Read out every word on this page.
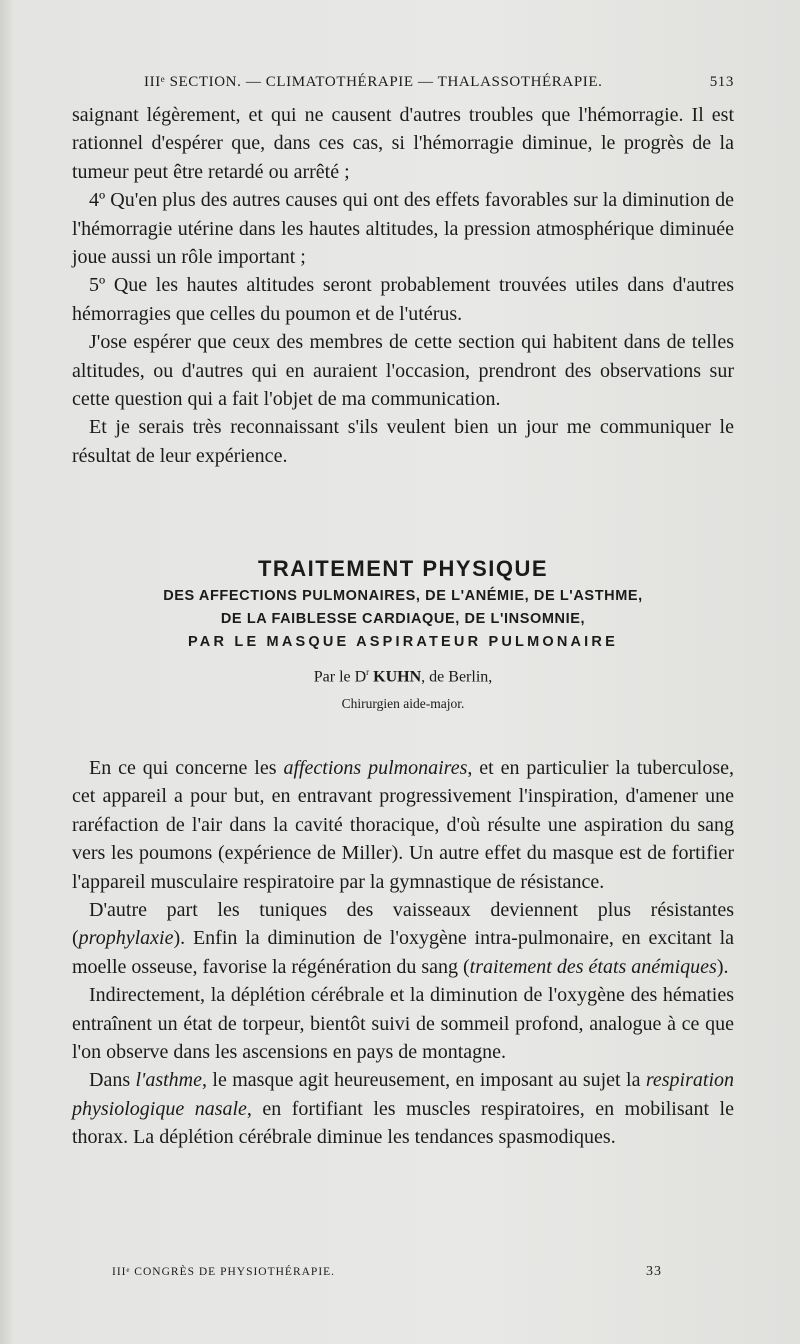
IIIᵉ SECTION. — CLIMATOTHÉRAPIE — THALASSOTHÉRAPIE.	513

saignant légèrement, et qui ne causent d'autres troubles que l'hémorragie. Il est rationnel d'espérer que, dans ces cas, si l'hémorragie diminue, le progrès de la tumeur peut être retardé ou arrêté ;

4º Qu'en plus des autres causes qui ont des effets favorables sur la diminution de l'hémorragie utérine dans les hautes altitudes, la pression atmosphérique diminuée joue aussi un rôle important ;

5º Que les hautes altitudes seront probablement trouvées utiles dans d'autres hémorragies que celles du poumon et de l'utérus.

J'ose espérer que ceux des membres de cette section qui habitent dans de telles altitudes, ou d'autres qui en auraient l'occasion, prendront des observations sur cette question qui a fait l'objet de ma communication.

Et je serais très reconnaissant s'ils veulent bien un jour me communiquer le résultat de leur expérience.

TRAITEMENT PHYSIQUE
DES AFFECTIONS PULMONAIRES, DE L'ANÉMIE, DE L'ASTHME,
DE LA FAIBLESSE CARDIAQUE, DE L'INSOMNIE,
PAR LE MASQUE ASPIRATEUR PULMONAIRE
Par le $D^r$ KUHN, de Berlin,
Chirurgien aide-major.

En ce qui concerne les affections pulmonaires, et en particulier la tuberculose, cet appareil a pour but, en entravant progressivement l'inspiration, d'amener une raréfaction de l'air dans la cavité thoracique, d'où résulte une aspiration du sang vers les poumons (expérience de Miller). Un autre effet du masque est de fortifier l'appareil musculaire respiratoire par la gymnastique de résistance.

D'autre part les tuniques des vaisseaux deviennent plus résistantes (prophylaxie). Enfin la diminution de l'oxygène intra-pulmonaire, en excitant la moelle osseuse, favorise la régénération du sang (traitement des états anémiques).

Indirectement, la déplétion cérébrale et la diminution de l'oxygène des hématies entraînent un état de torpeur, bientôt suivi de sommeil profond, analogue à ce que l'on observe dans les ascensions en pays de montagne.

Dans l'asthme, le masque agit heureusement, en imposant au sujet la respiration physiologique nasale, en fortifiant les muscles respiratoires, en mobilisant le thorax. La déplétion cérébrale diminue les tendances spasmodiques.

IIIᵉ CONGRÈS DE PHYSIOTHÉRAPIE.	33
